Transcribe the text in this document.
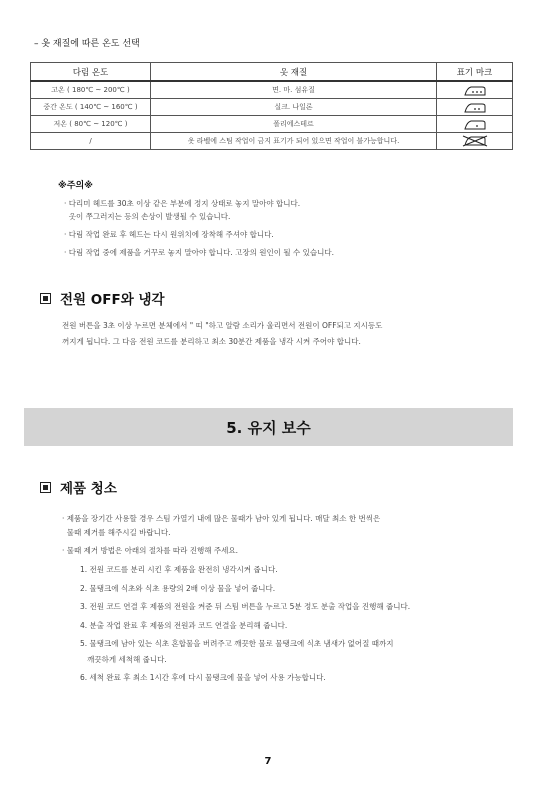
– 옷 재질에 따른 온도 선택
다림 온도	옷 재질	표기 마크
고온 ( 180℃ ~ 200℃ )	면. 마. 섬유질	

중간 온도 ( 140℃ ~ 160℃ )	실크. 나일론	

저온 ( 80℃ ~ 120℃ )	폴리에스테르	

/	옷 라벨에 스팀 작업이 금지 표기가 되어 있으면 작업이 불가능합니다.	
※주의※
· 다리미 헤드를 30초 이상 같은 부분에 정지 상태로 놓지 말아야 합니다.
옷이 쭈그러지는 등의 손상이 발생될 수 있습니다.
· 다림 작업 완료 후 헤드는 다시 원위치에 장착해 주셔야 합니다.
· 다림 작업 중에 제품을 거꾸로 놓지 말아야 합니다. 고장의 원인이 될 수 있습니다.
전원 OFF와 냉각
전원 버튼을 3초 이상 누르면 분체에서 " 띠 "하고 알람 소리가 울리면서 전원이 OFF되고 지시등도
꺼지게 됩니다. 그 다음 전원 코드를 분리하고 최소 30분간 제품을 냉각 시켜 주어야 합니다.
5. 유지 보수
제품 청소
· 제품을 장기간 사용할 경우 스팀 가열기 내에 많은 물때가 남아 있게 됩니다. 매달 최소 한 번씩은
물때 제거를 해주시길 바랍니다.
· 물때 제거 방법은 아래의 절차를 따라 진행해 주세요.
1. 전원 코드를 분리 시킨 후 제품을 완전히 냉각시켜 줍니다.
2. 물탱크에 식초와 식초 용량의 2배 이상 물을 넣어 줍니다.
3. 전원 코드 연결 후 제품의 전원을 켜준 뒤 스팀 버튼을 누르고 5분 정도 분출 작업을 진행해 줍니다.
4. 분출 작업 완료 후 제품의 전원과 코드 연결을 분리해 줍니다.
5. 물탱크에 남아 있는 식초 혼합물을 버려주고 깨끗한 물로 물탱크에 식초 냄새가 없어질 때까지
깨끗하게 세척해 줍니다.
6. 세척 완료 후 최소 1시간 후에 다시 물탱크에 물을 넣어 사용 가능합니다.
7
